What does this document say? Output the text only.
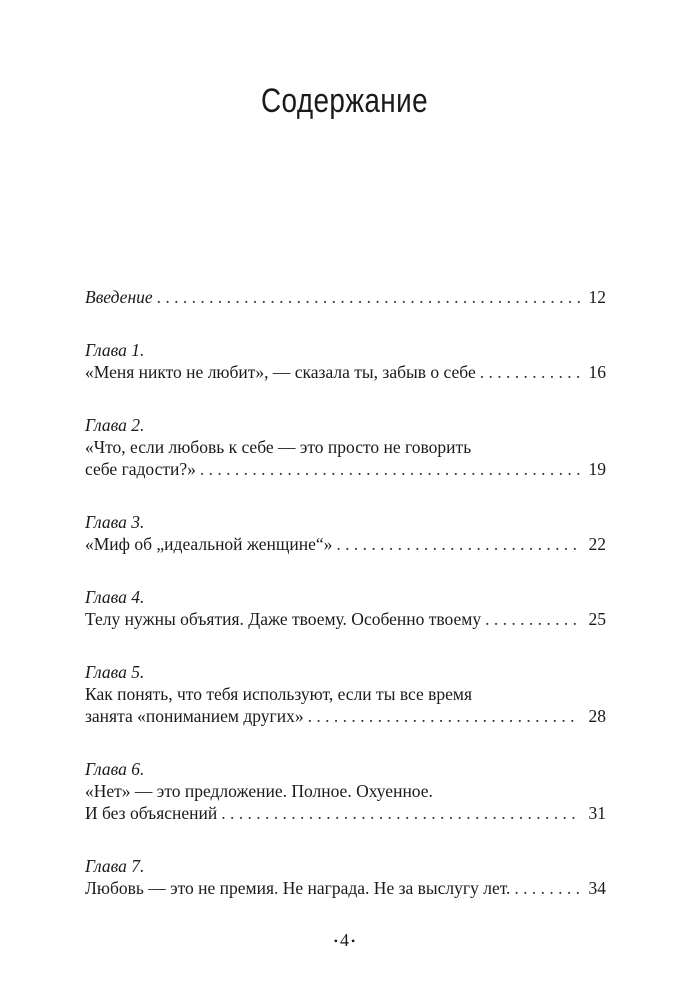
Содержание
Введение . . .	12
Глава 1.
«Меня никто не любит», — сказала ты, забыв о себе . . .	16
Глава 2.
«Что, если любовь к себе — это просто не говорить
себе гадости?» . . .	19
Глава 3.
«Миф об „идеальной женщине“» . . .	22
Глава 4.
Телу нужны объятия. Даже твоему. Особенно твоему . . .	25
Глава 5.
Как понять, что тебя используют, если ты все время
занята «пониманием других» . . .	28
Глава 6.
«Нет» — это предложение. Полное. Охуенное.
И без объяснений . . .	31
Глава 7.
Любовь — это не премия. Не награда. Не за выслугу лет. . . .	34
• 4 •
